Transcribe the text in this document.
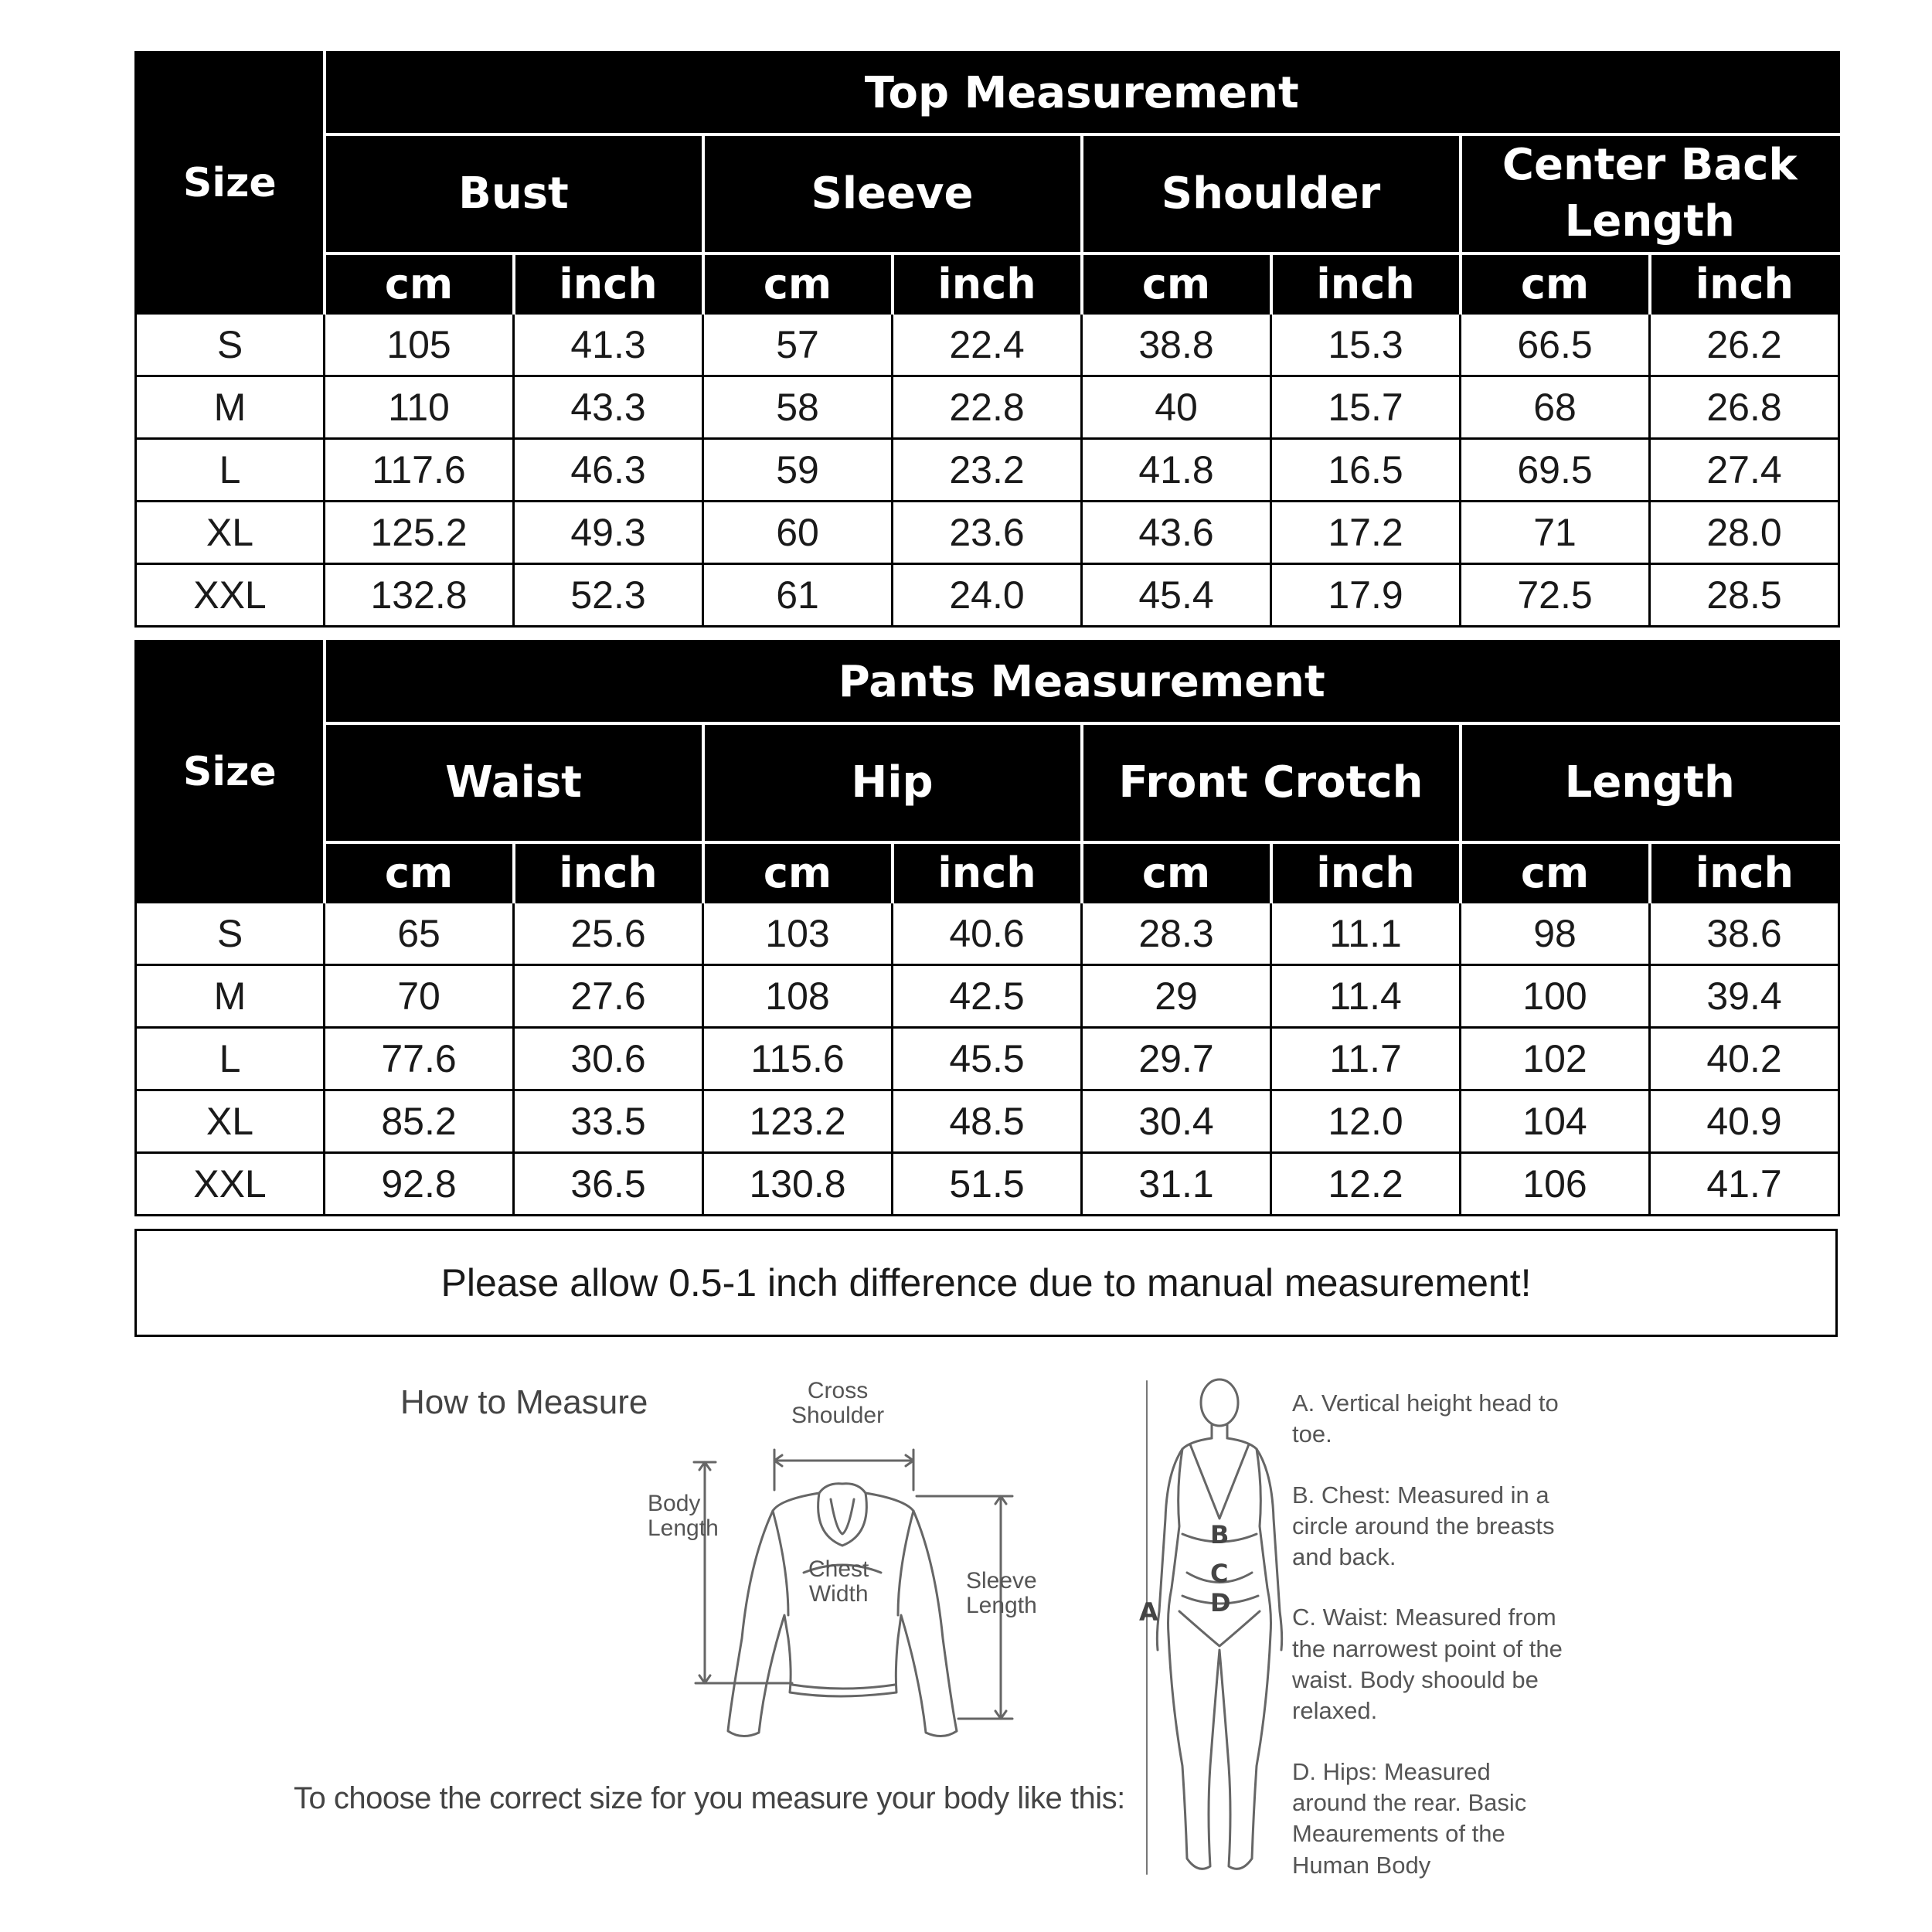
Size	Top Measurement							
	Bust		Sleeve		Shoulder		Center Back Length	
	cm	inch	cm	inch	cm	inch	cm	inch
S	105	41.3	57	22.4	38.8	15.3	66.5	26.2
M	110	43.3	58	22.8	40	15.7	68	26.8
L	117.6	46.3	59	23.2	41.8	16.5	69.5	27.4
XL	125.2	49.3	60	23.6	43.6	17.2	71	28.0
XXL	132.8	52.3	61	24.0	45.4	17.9	72.5	28.5
Size	Pants Measurement							
	Waist		Hip		Front Crotch		Length	
	cm	inch	cm	inch	cm	inch	cm	inch
S	65	25.6	103	40.6	28.3	11.1	98	38.6
M	70	27.6	108	42.5	29	11.4	100	39.4
L	77.6	30.6	115.6	45.5	29.7	11.7	102	40.2
XL	85.2	33.5	123.2	48.5	30.4	12.0	104	40.9
XXL	92.8	36.5	130.8	51.5	31.1	12.2	106	41.7
Please allow 0.5-1 inch difference due to manual measurement!
How to Measure
To choose the correct size for you measure your body like this:
Cross
Shoulder
Body
Length
Chest
Width	Sleeve
Length	A
B
C
D

A. Vertical height head to toe.

B. Chest: Measured in a circle around the breasts and back.

C. Waist: Measured from the narrowest point of the waist. Body shoould be relaxed.

D. Hips: Measured around the rear. Basic Meaurements of the Human Body
